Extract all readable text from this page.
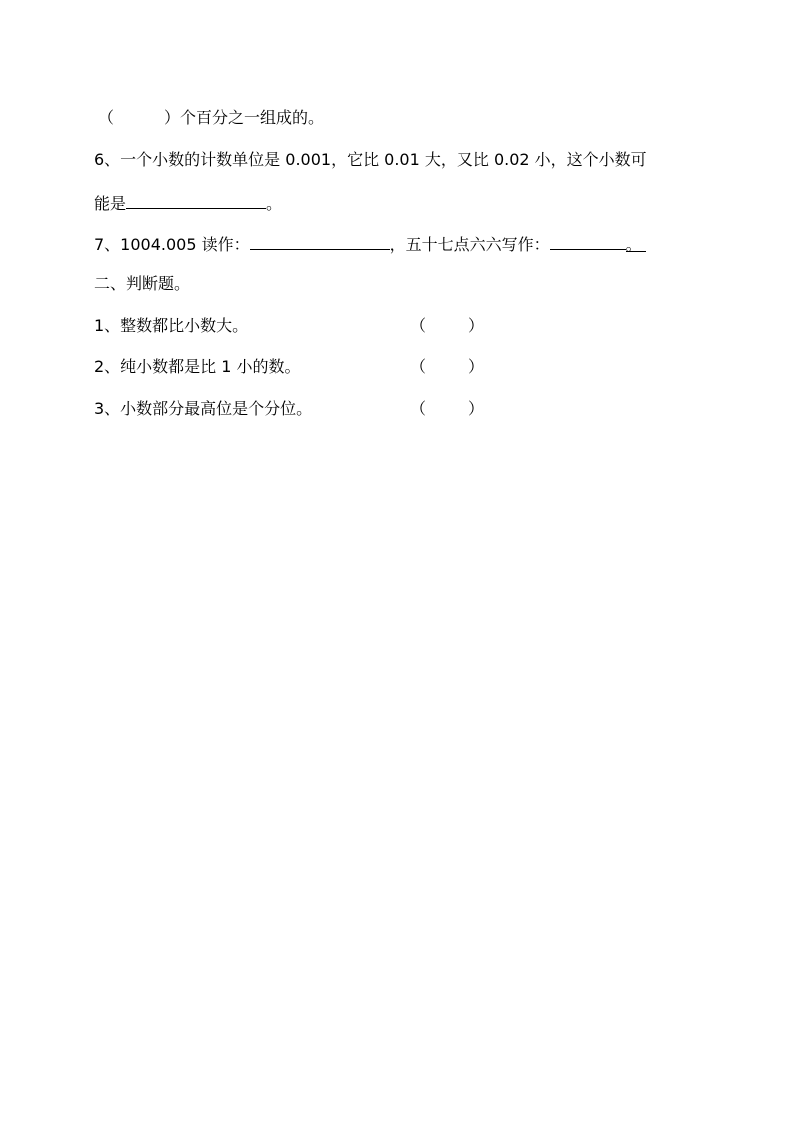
（	）个百分之一组成的。
6、一个小数的计数单位是 0.001，它比 0.01 大，又比 0.02 小，这个小数可
能是	。
7、1004.005 读作：	，五十七点六六写作：	。
二、判断题。
1、整数都比小数大。	（	）
2、纯小数都是比 1 小的数。	（	）
3、小数部分最高位是个分位。	（	）
